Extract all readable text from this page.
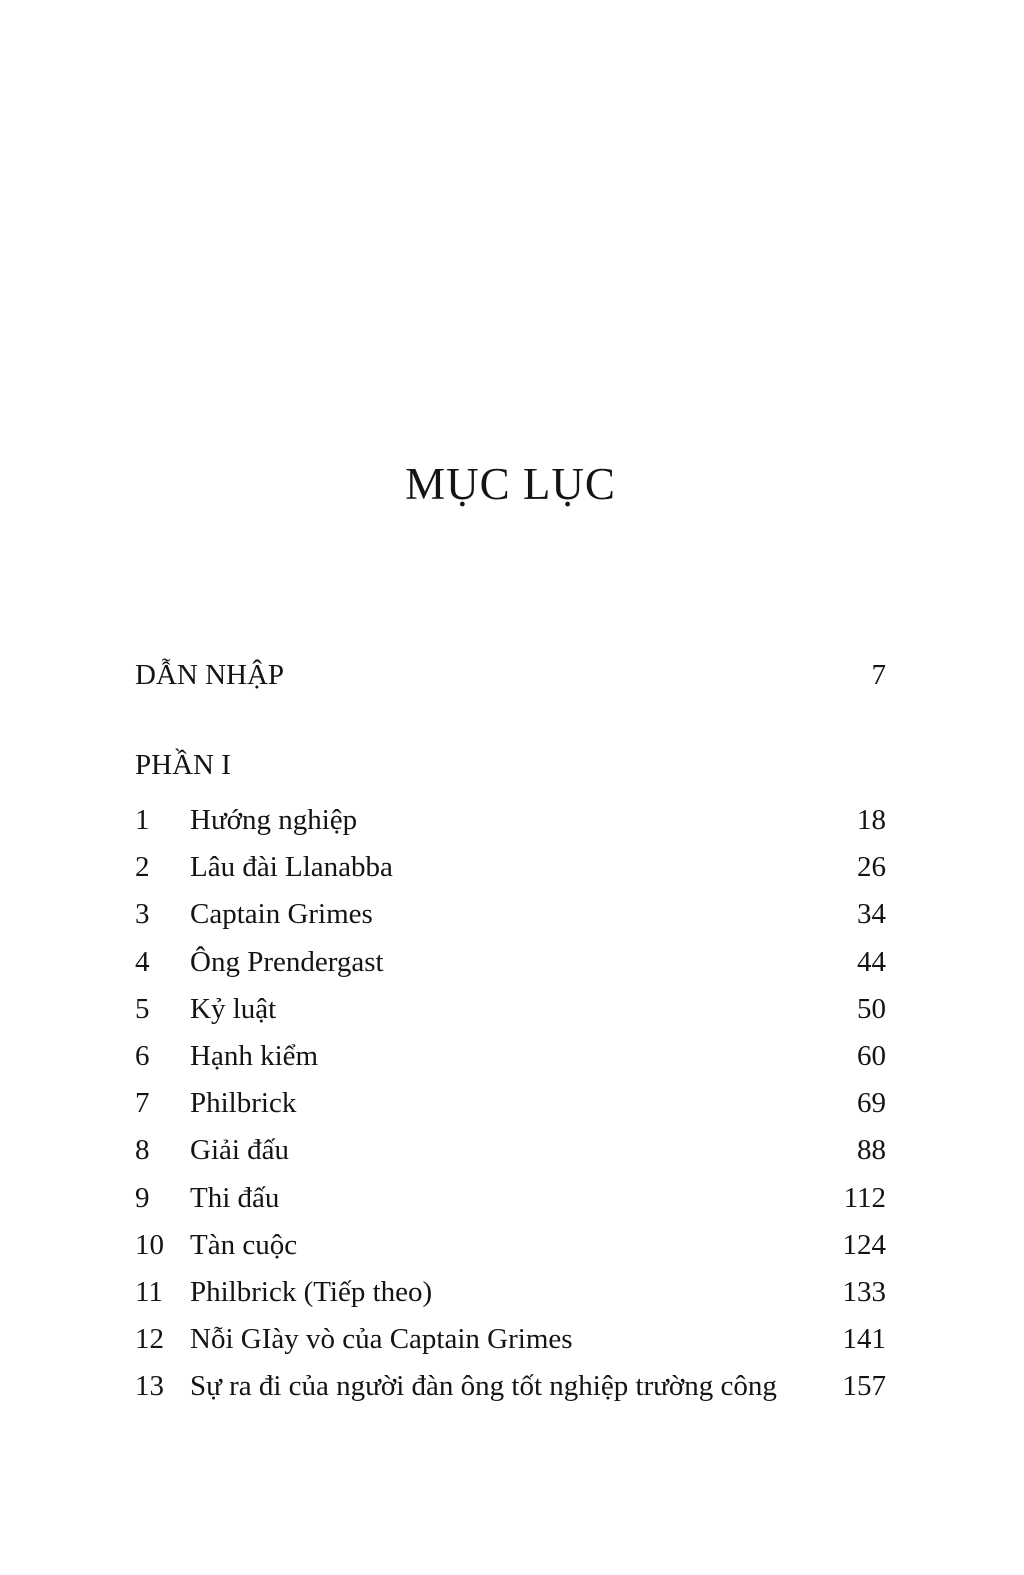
MỤC LỤC
DẪN NHẬP	7
PHẦN I
1	Hướng nghiệp	18
2	Lâu đài Llanabba	26
3	Captain Grimes	34
4	Ông Prendergast	44
5	Kỷ luật	50
6	Hạnh kiểm	60
7	Philbrick	69
8	Giải đấu	88
9	Thi đấu	112
10 Tàn cuộc	124
11 Philbrick (Tiếp theo)	133
12 Nỗi GIày vò của Captain Grimes	141
13 Sự ra đi của người đàn ông tốt nghiệp trường công	157
